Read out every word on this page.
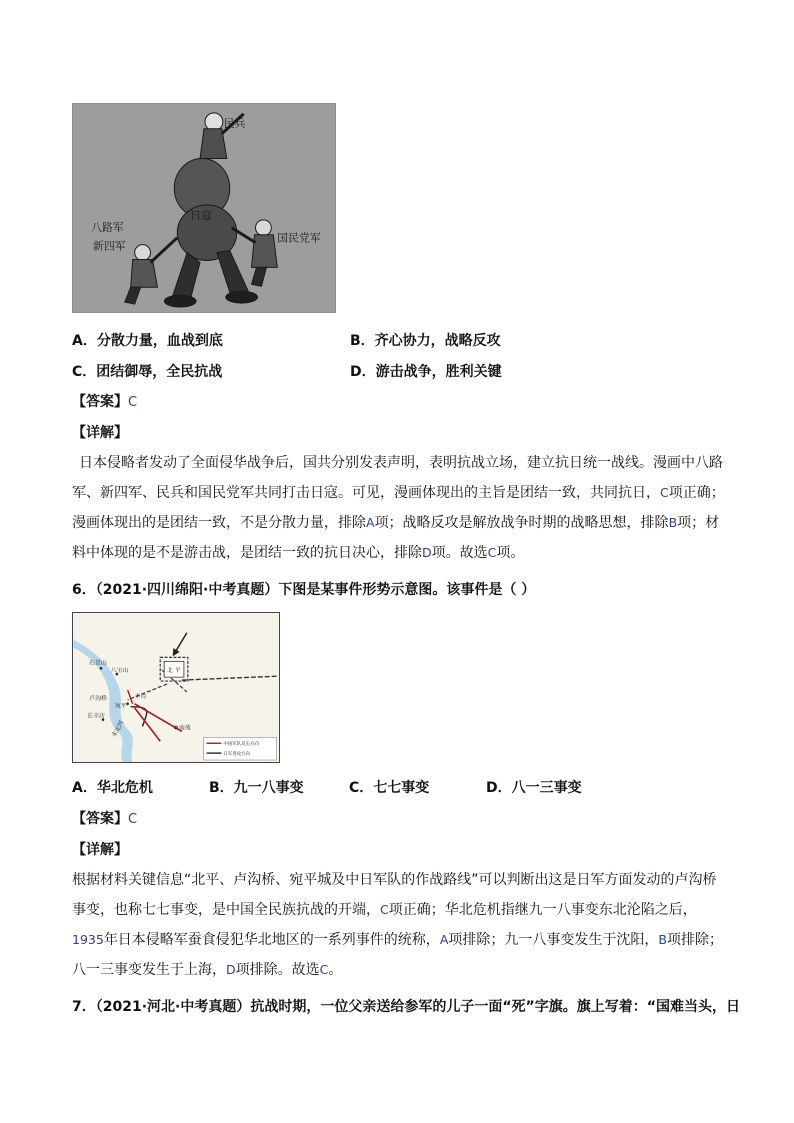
民兵
日寇
八路军
新四军
国民党军
A．分散力量，血战到底	B．齐心协力，战略反攻
C．团结御辱，全民抗战	D．游击战争，胜利关键
【答案】C
【详解】
日本侵略者发动了全面侵华战争后，国共分别发表声明，表明抗战立场，建立抗日统一战线。漫画中八路军、新四军、民兵和国民党军共同打击日寇。可见，漫画体现出的主旨是团结一致，共同抗日，C项正确；漫画体现出的是团结一致，不是分散力量，排除A项；战略反攻是解放战争时期的战略思想，排除B项；材料中体现的是不是游击战，是团结一致的抗日决心，排除D项。故选C项。
6．（2021·四川绵阳·中考真题）下图是某事件形势示意图。该事件是（ ）
北 平
石景山
八宝山
卢沟桥
宛平
丰台
长辛店
南苑
永定河
中国军队反击方向
日军进攻方向
A．华北危机	B．九一八事变	C．七七事变	D．八一三事变
【答案】C
【详解】
根据材料关键信息“北平、卢沟桥、宛平城及中日军队的作战路线”可以判断出这是日军方面发动的卢沟桥事变，也称七七事变，是中国全民族抗战的开端，C项正确；华北危机指继九一八事变东北沦陷之后，1935年日本侵略军蚕食侵犯华北地区的一系列事件的统称，A项排除；九一八事变发生于沈阳，B项排除；八一三事变发生于上海，D项排除。故选C。
7．（2021·河北·中考真题）抗战时期，一位父亲送给参军的儿子一面“死”字旗。旗上写着：“国难当头，日
